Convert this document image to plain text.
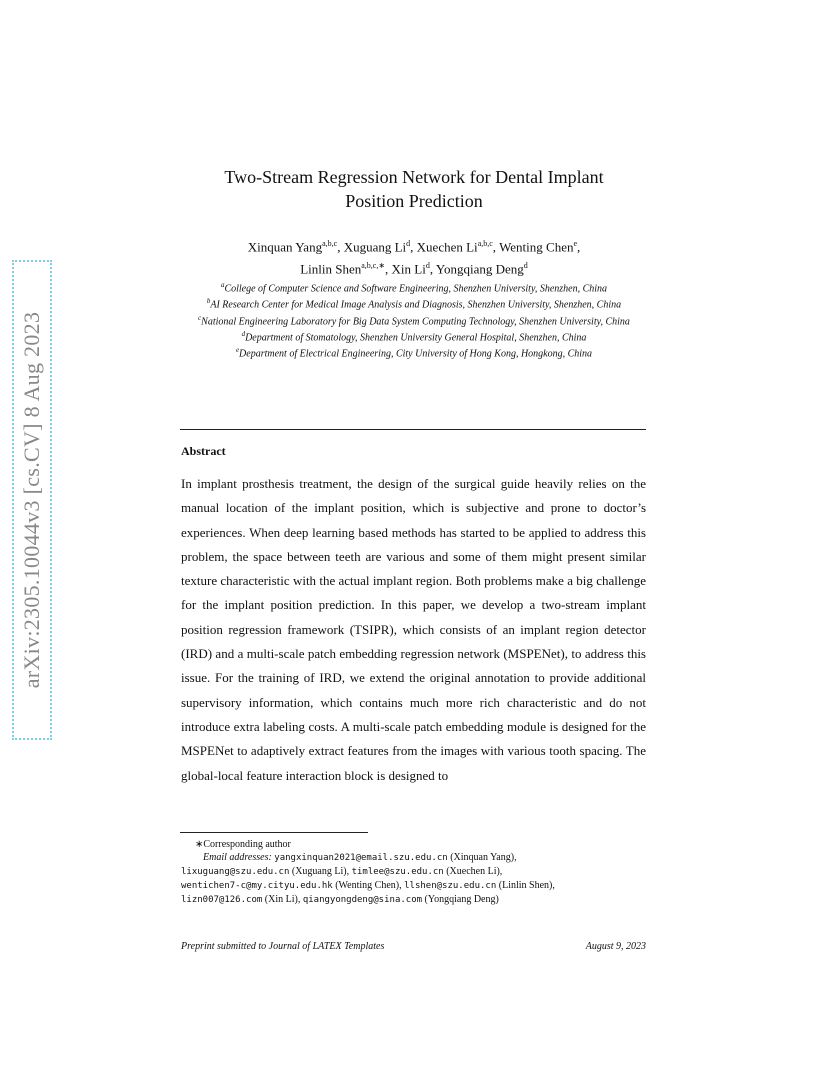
arXiv:2305.10044v3 [cs.CV] 8 Aug 2023
Two-Stream Regression Network for Dental Implant
Position Prediction
Xinquan Yang$^{a,b,c}$, Xuguang Li$^d$, Xuechen Li$^{a,b,c}$, Wenting Chen$^e$,
Linlin Shen$^{a,b,c,∗}$, Xin Li$^d$, Yongqiang Deng$^d$
$^a$College of Computer Science and Software Engineering, Shenzhen University, Shenzhen, China
$^b$AI Research Center for Medical Image Analysis and Diagnosis, Shenzhen University, Shenzhen, China
$^c$National Engineering Laboratory for Big Data System Computing Technology, Shenzhen University, China
$^d$Department of Stomatology, Shenzhen University General Hospital, Shenzhen, China
$^e$Department of Electrical Engineering, City University of Hong Kong, Hongkong, China
Abstract
In implant prosthesis treatment, the design of the surgical guide heavily relies on the manual location of the implant position, which is subjective and prone to doctor’s experiences. When deep learning based methods has started to be applied to address this problem, the space between teeth are various and some of them might present similar texture characteristic with the actual implant region. Both problems make a big challenge for the implant position prediction. In this paper, we develop a two-stream implant position regression framework (TSIPR), which consists of an implant region detector (IRD) and a multi-scale patch embedding regression network (MSPENet), to address this issue. For the training of IRD, we extend the original annotation to provide additional supervisory information, which contains much more rich characteristic and do not introduce extra labeling costs. A multi-scale patch embedding module is designed for the MSPENet to adaptively extract features from the images with various tooth spacing. The global-local feature interaction block is designed to
∗Corresponding author
Email addresses: yangxinquan2021@email.szu.edu.cn (Xinquan Yang),
lixuguang@szu.edu.cn (Xuguang Li), timlee@szu.edu.cn (Xuechen Li),
wentichen7-c@my.cityu.edu.hk (Wenting Chen), llshen@szu.edu.cn (Linlin Shen),
lizn007@126.com (Xin Li), qiangyongdeng@sina.com (Yongqiang Deng)
Preprint submitted to Journal of LATEX Templates	August 9, 2023
